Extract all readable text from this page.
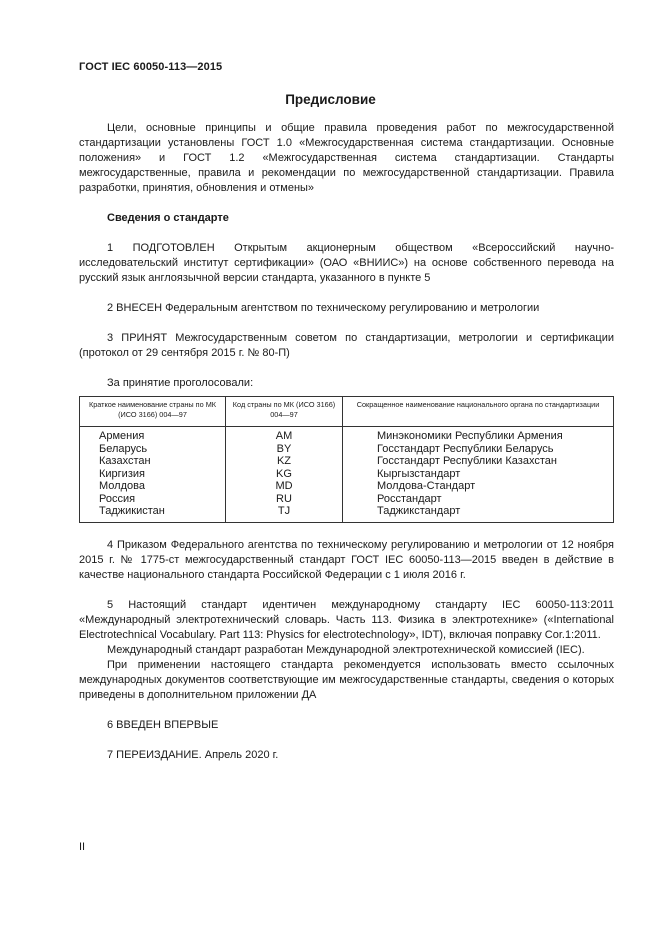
ГОСТ IEC 60050-113—2015
Предисловие

Цели, основные принципы и общие правила проведения работ по межгосударственной стандартизации установлены ГОСТ 1.0 «Межгосударственная система стандартизации. Основные положения» и ГОСТ 1.2 «Межгосударственная система стандартизации. Стандарты межгосударственные, правила и рекомендации по межгосударственной стандартизации. Правила разработки, принятия, обновления и отмены»

Сведения о стандарте

1 ПОДГОТОВЛЕН Открытым акционерным обществом «Всероссийский научно-исследовательский институт сертификации» (ОАО «ВНИИС») на основе собственного перевода на русский язык англоязычной версии стандарта, указанного в пункте 5

2 ВНЕСЕН Федеральным агентством по техническому регулированию и метрологии

3 ПРИНЯТ Межгосударственным советом по стандартизации, метрологии и сертификации (протокол от 29 сентября 2015 г. № 80-П)

За принятие проголосовали:

Краткое наименование страны по МК (ИСО 3166) 004—97	Код страны по МК (ИСО 3166) 004—97	Сокращенное наименование национального органа по стандартизации
Армения	AM	Минэкономики Республики Армения
Беларусь	BY	Госстандарт Республики Беларусь
Казахстан	KZ	Госстандарт Республики Казахстан
Киргизия	KG	Кыргызстандарт
Молдова	MD	Молдова-Стандарт
Россия	RU	Росстандарт
Таджикистан	TJ	Таджикстандарт

4 Приказом Федерального агентства по техническому регулированию и метрологии от 12 ноября 2015 г. № 1775-ст межгосударственный стандарт ГОСТ IEC 60050-113—2015 введен в действие в качестве национального стандарта Российской Федерации с 1 июля 2016 г.

5 Настоящий стандарт идентичен международному стандарту IEC 60050-113:2011 «Международный электротехнический словарь. Часть 113. Физика в электротехнике» («International Electrotechnical Vocabulary. Part 113: Physics for electrotechnology», IDT), включая поправку Cor.1:2011.

Международный стандарт разработан Международной электротехнической комиссией (IEC).

При применении настоящего стандарта рекомендуется использовать вместо ссылочных международных документов соответствующие им межгосударственные стандарты, сведения о которых приведены в дополнительном приложении ДА

6 ВВЕДЕН ВПЕРВЫЕ

7 ПЕРЕИЗДАНИЕ. Апрель 2020 г.

II
